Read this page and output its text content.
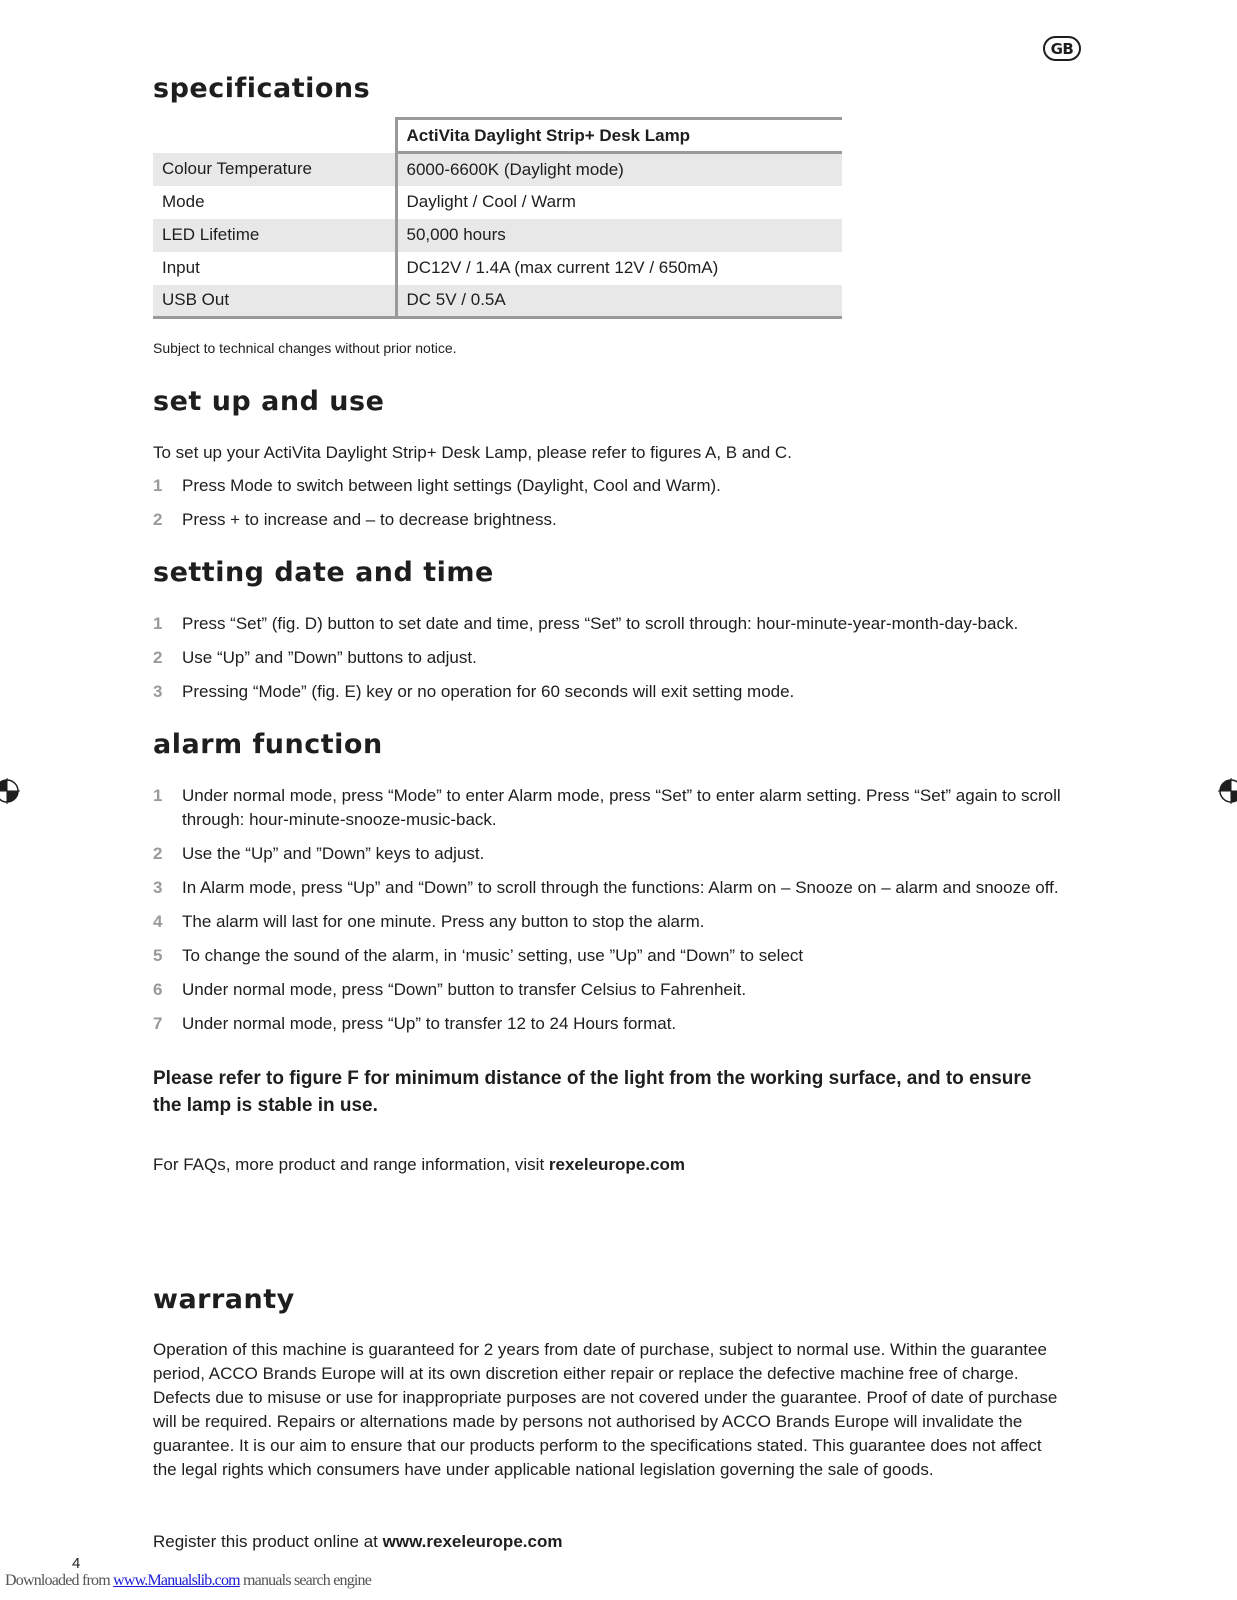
GB
specifications
	ActiVita Daylight Strip+ Desk Lamp
Colour Temperature	6000-6600K (Daylight mode)
Mode	Daylight / Cool / Warm
LED Lifetime	50,000 hours
Input	DC12V / 1.4A (max current 12V / 650mA)
USB Out	DC 5V / 0.5A
Subject to technical changes without prior notice.
set up and use
To set up your ActiVita Daylight Strip+ Desk Lamp, please refer to figures A, B and C.
1 Press Mode to switch between light settings (Daylight, Cool and Warm).
2 Press + to increase and – to decrease brightness.
setting date and time
1 Press “Set” (fig. D) button to set date and time, press “Set” to scroll through: hour-minute-year-month-day-back.
2 Use “Up” and ”Down” buttons to adjust.
3 Pressing “Mode” (fig. E) key or no operation for 60 seconds will exit setting mode.
alarm function
1 Under normal mode, press “Mode” to enter Alarm mode, press “Set” to enter alarm setting. Press “Set” again to scroll through: hour-minute-snooze-music-back.
2 Use the “Up” and ”Down” keys to adjust.
3 In Alarm mode, press “Up” and “Down” to scroll through the functions: Alarm on – Snooze on – alarm and snooze off.
4 The alarm will last for one minute. Press any button to stop the alarm.
5 To change the sound of the alarm, in ‘music’ setting, use ”Up” and “Down” to select
6 Under normal mode, press “Down” button to transfer Celsius to Fahrenheit.
7 Under normal mode, press “Up” to transfer 12 to 24 Hours format.
Please refer to figure F for minimum distance of the light from the working surface, and to ensure the lamp is stable in use.
For FAQs, more product and range information, visit rexeleurope.com
warranty
Operation of this machine is guaranteed for 2 years from date of purchase, subject to normal use. Within the guarantee period, ACCO Brands Europe will at its own discretion either repair or replace the defective machine free of charge. Defects due to misuse or use for inappropriate purposes are not covered under the guarantee. Proof of date of purchase will be required. Repairs or alternations made by persons not authorised by ACCO Brands Europe will invalidate the guarantee. It is our aim to ensure that our products perform to the specifications stated. This guarantee does not affect the legal rights which consumers have under applicable national legislation governing the sale of goods.
Register this product online at www.rexeleurope.com
4
Downloaded from www.Manualslib.com manuals search engine
